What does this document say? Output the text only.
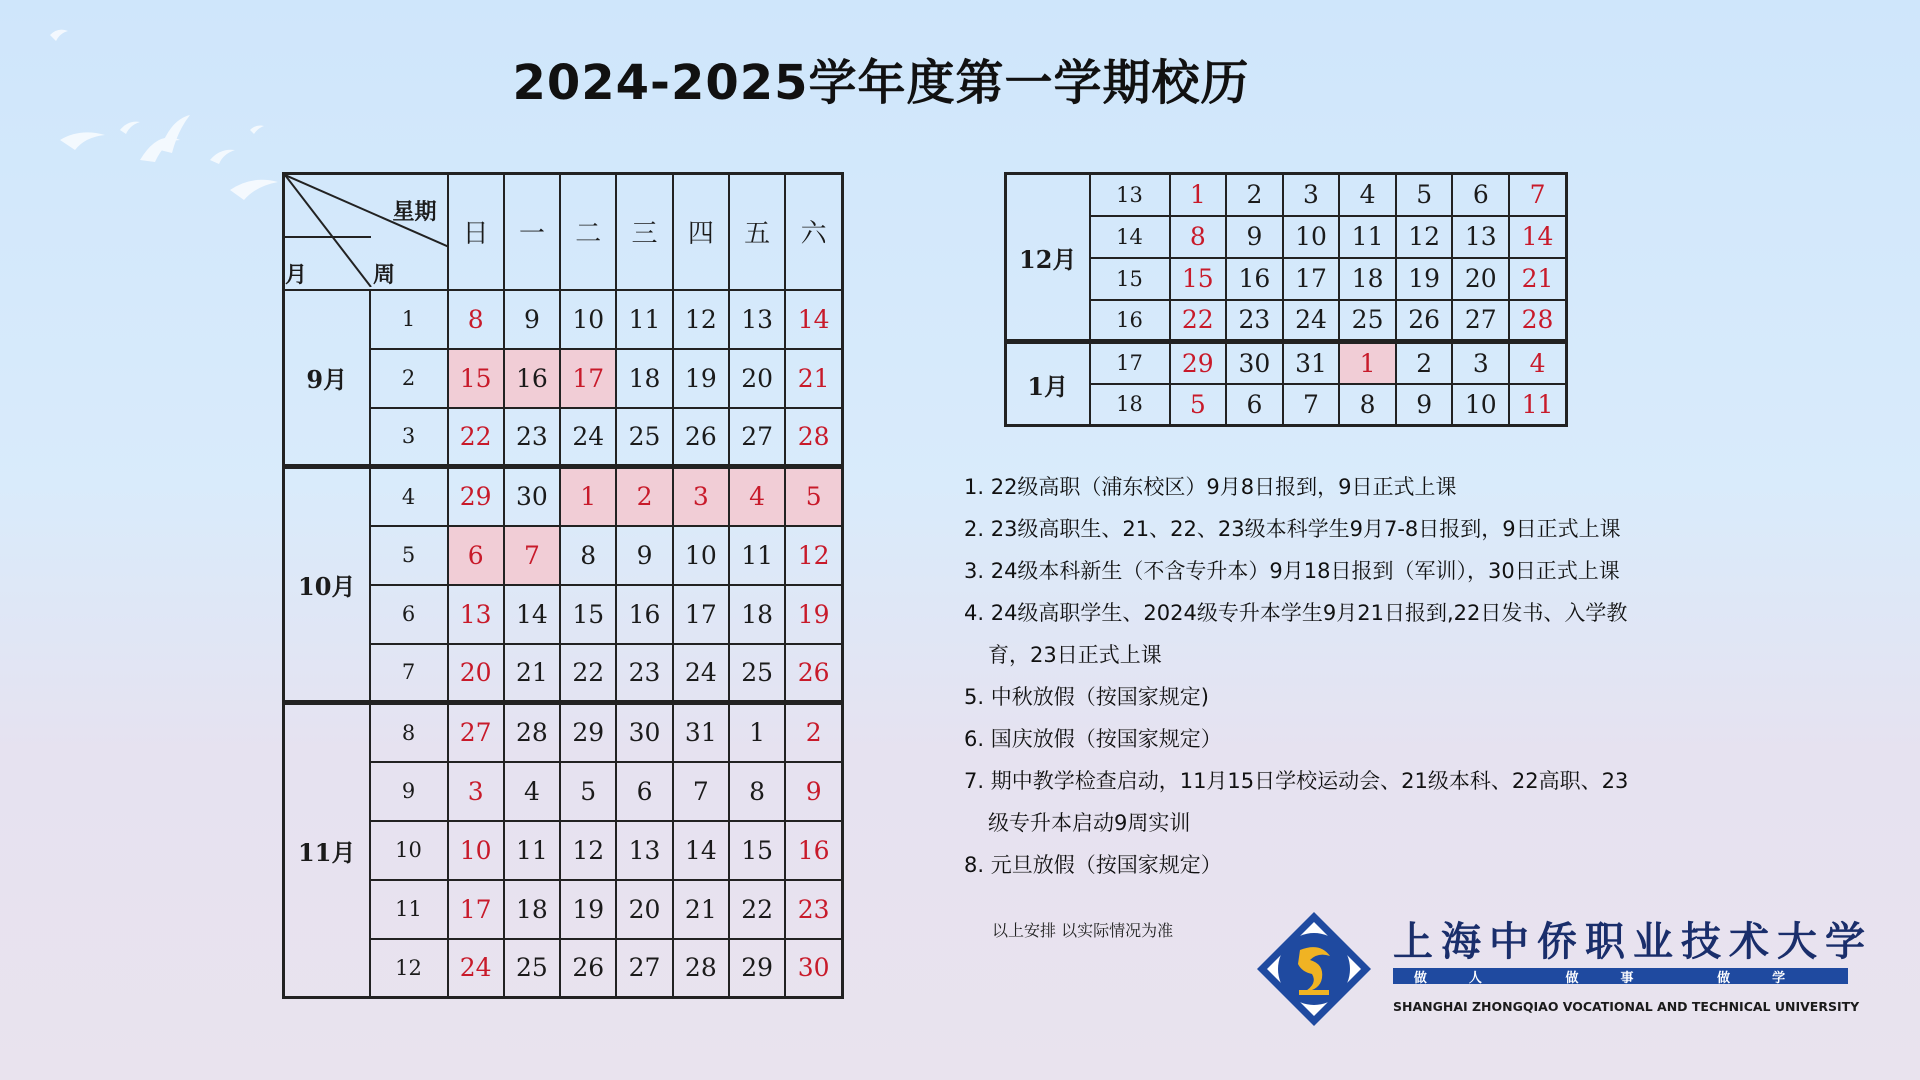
2024-2025学年度第一学期校历
星期
月 周		日	一	二	三	四	五	六
9月	1	8	9	10	11	12	13	14
	2	15	16	17	18	19	20	21
	3	22	23	24	25	26	27	28
10月	4	29	30	1	2	3	4	5
	5	6	7	8	9	10	11	12
	6	13	14	15	16	17	18	19
	7	20	21	22	23	24	25	26
11月	8	27	28	29	30	31	1	2
	9	3	4	5	6	7	8	9
	10	10	11	12	13	14	15	16
	11	17	18	19	20	21	22	23
	12	24	25	26	27	28	29	30
12月	13	1	2	3	4	5	6	7
	14	8	9	10	11	12	13	14
	15	15	16	17	18	19	20	21
	16	22	23	24	25	26	27	28
1月	17	29	30	31	1	2	3	4
	18	5	6	7	8	9	10	11
1. 22级高职（浦东校区）9月8日报到，9日正式上课
2. 23级高职生、21、22、23级本科学生9月7-8日报到，9日正式上课
3. 24级本科新生（不含专升本）9月18日报到（军训），30日正式上课
4. 24级高职学生、2024级专升本学生9月21日报到,22日发书、入学教
育，23日正式上课
5. 中秋放假（按国家规定)
6. 国庆放假（按国家规定）
7. 期中教学检查启动，11月15日学校运动会、21级本科、22高职、23
级专升本启动9周实训
8. 元旦放假（按国家规定）
以上安排 以实际情况为准	上海中侨职业技术大学
做人	做事	做学
SHANGHAI ZHONGQIAO VOCATIONAL AND TECHNICAL UNIVERSITY
